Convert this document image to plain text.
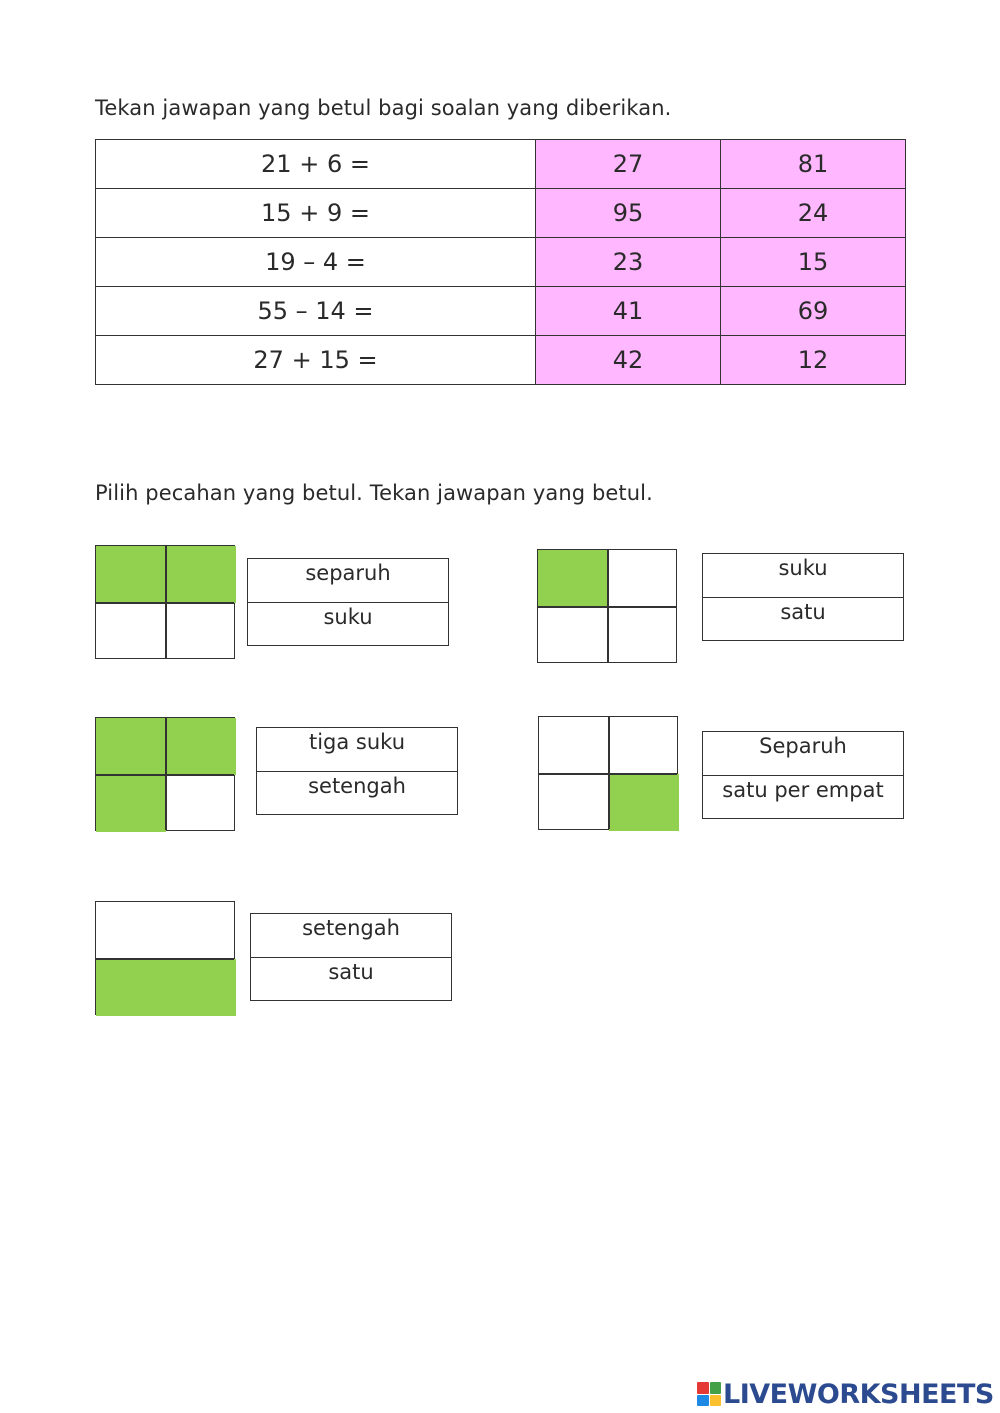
Tekan jawapan yang betul bagi soalan yang diberikan.
21 + 6 =	27	81
15 + 9 =	95	24
19 – 4 =	23	15
55 – 14 =	41	69
27 + 15 =	42	12
Pilih pecahan yang betul. Tekan jawapan yang betul.
separuh
suku
suku
satu
tiga suku
setengah
Separuh
satu per empat
setengah
satu
LIVEWORKSHEETS
